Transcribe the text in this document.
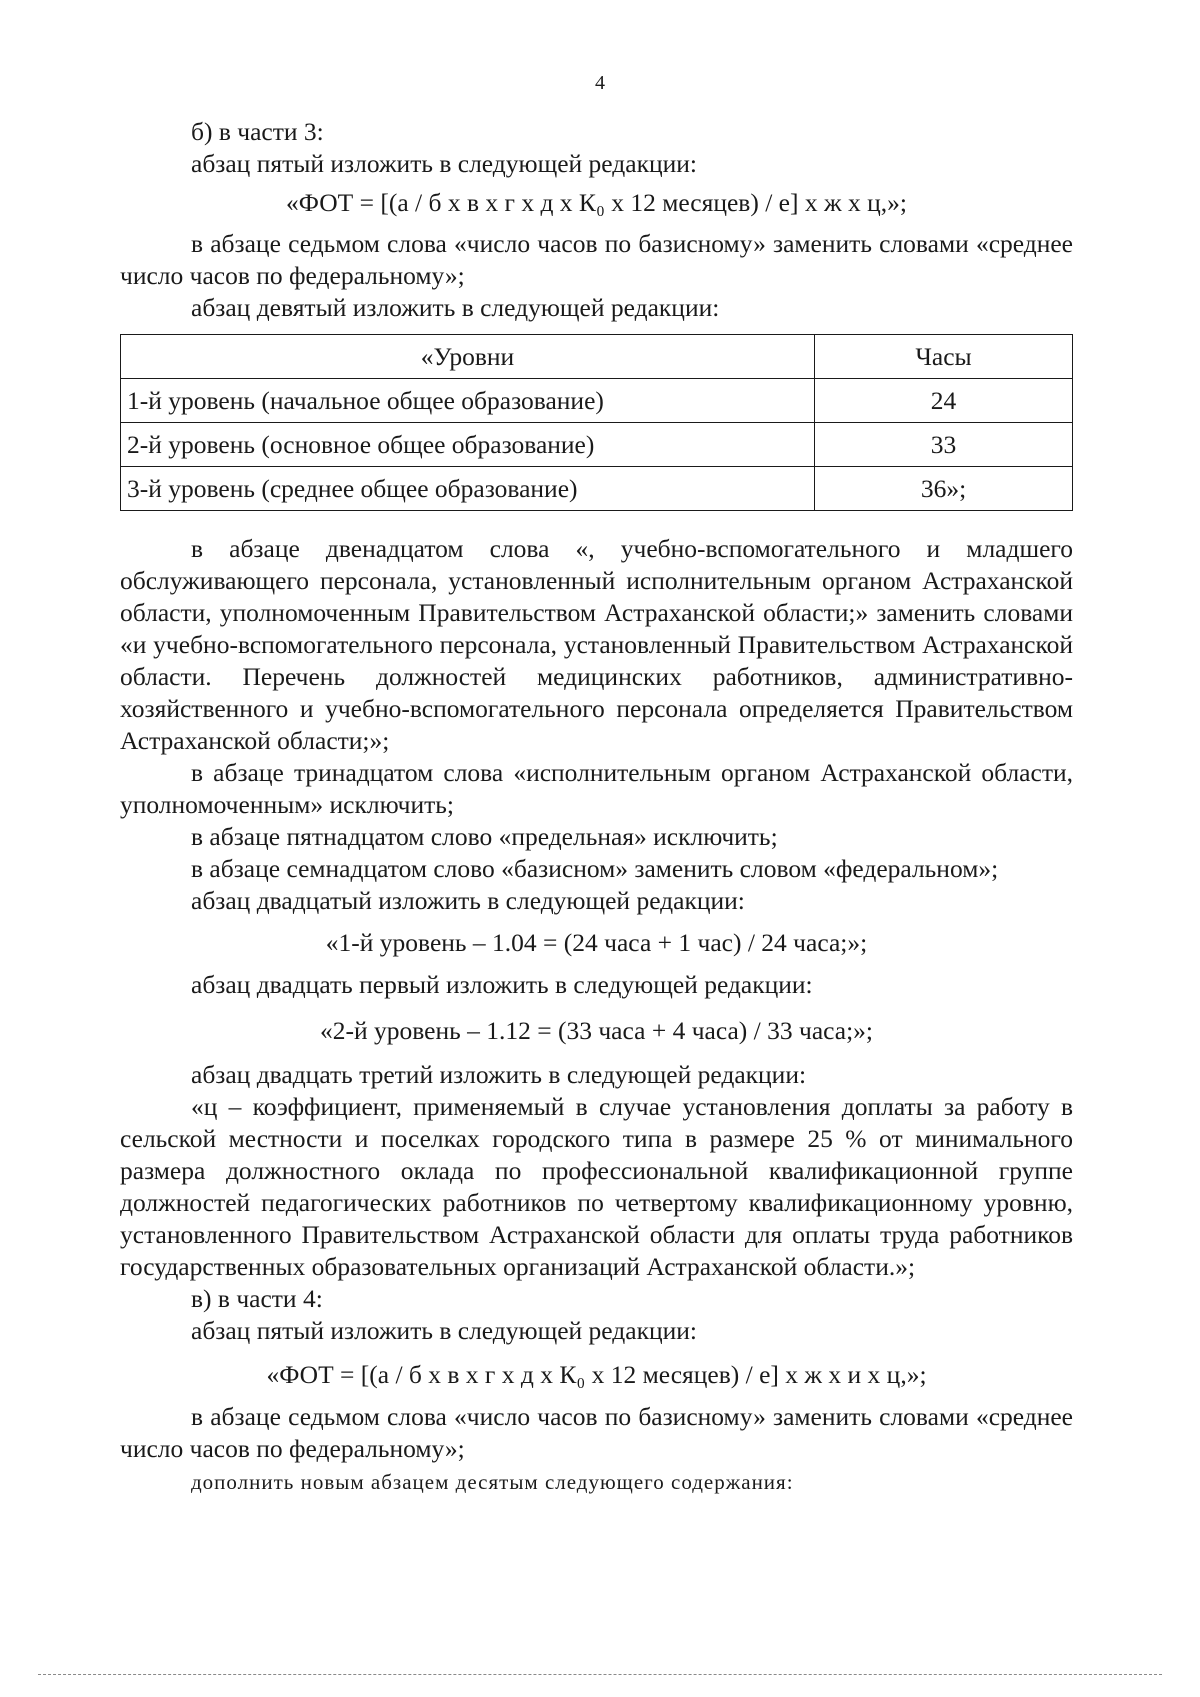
4

б) в части 3:

абзац пятый изложить в следующей редакции:

«ФОТ = [(а / б х в х г х д х К₀ х 12 месяцев) / е] х ж х ц,»;

в абзаце седьмом слова «число часов по базисному» заменить словами «среднее число часов по федеральному»;

абзац девятый изложить в следующей редакции:

«Уровни	Часы
1-й уровень (начальное общее образование)	24
2-й уровень (основное общее образование)	33
3-й уровень (среднее общее образование)	36»;

в абзаце двенадцатом слова «, учебно-вспомогательного и младшего обслуживающего персонала, установленный исполнительным органом Астраханской области, уполномоченным Правительством Астраханской области;» заменить словами «и учебно-вспомогательного персонала, установленный Правительством Астраханской области. Перечень должностей медицинских работников, административно-хозяйственного и учебно-вспомогательного персонала определяется Правительством Астраханской области;»;

в абзаце тринадцатом слова «исполнительным органом Астраханской области, уполномоченным» исключить;

в абзаце пятнадцатом слово «предельная» исключить;

в абзаце семнадцатом слово «базисном» заменить словом «федеральном»;

абзац двадцатый изложить в следующей редакции:

«1-й уровень – 1.04 = (24 часа + 1 час) / 24 часа;»;

абзац двадцать первый изложить в следующей редакции:

«2-й уровень – 1.12 = (33 часа + 4 часа) / 33 часа;»;

абзац двадцать третий изложить в следующей редакции:

«ц – коэффициент, применяемый в случае установления доплаты за работу в сельской местности и поселках городского типа в размере 25 % от минимального размера должностного оклада по профессиональной квалификационной группе должностей педагогических работников по четвертому квалификационному уровню, установленного Правительством Астраханской области для оплаты труда работников государственных образовательных организаций Астраханской области.»;

в) в части 4:

абзац пятый изложить в следующей редакции:

«ФОТ = [(а / б х в х г х д х К₀ х 12 месяцев) / е] х ж х и х ц,»;

в абзаце седьмом слова «число часов по базисному» заменить словами «среднее число часов по федеральному»;

дополнить новым абзацем десятым следующего содержания:
